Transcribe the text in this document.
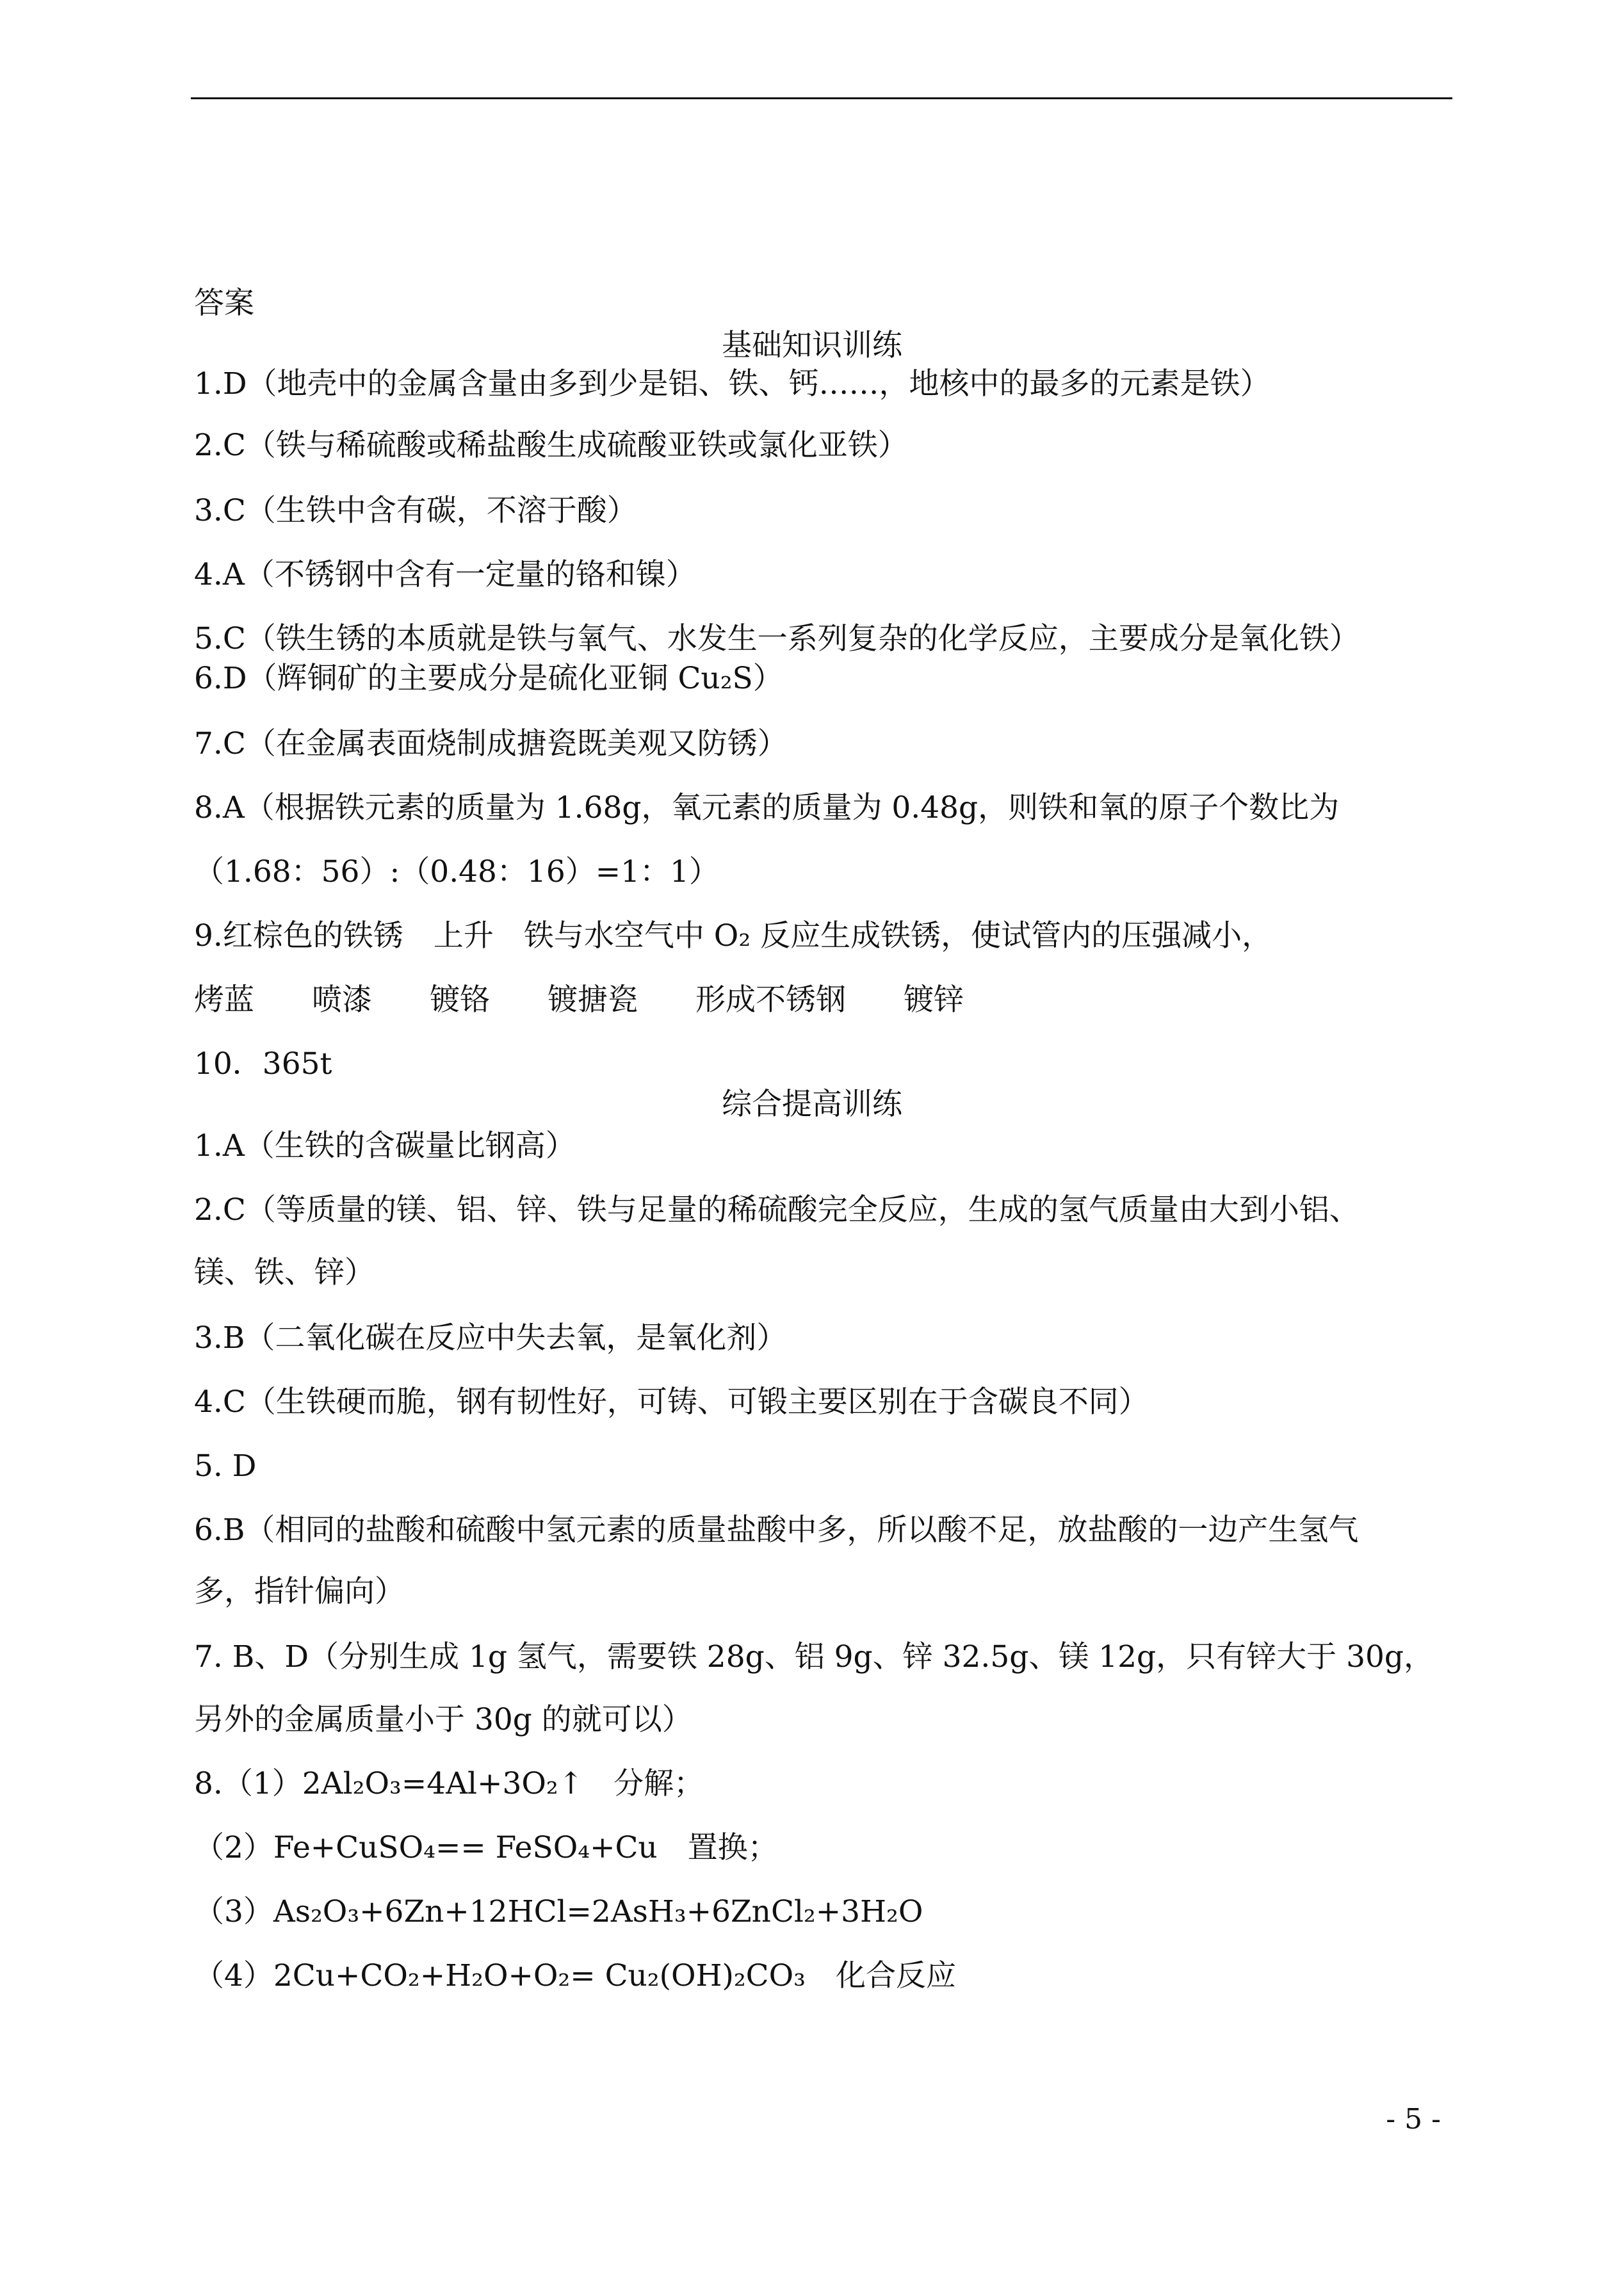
答案
基础知识训练
1.D（地壳中的金属含量由多到少是铝、铁、钙……，地核中的最多的元素是铁）
2.C（铁与稀硫酸或稀盐酸生成硫酸亚铁或氯化亚铁）
3.C（生铁中含有碳，不溶于酸）
4.A（不锈钢中含有一定量的铬和镍）
5.C（铁生锈的本质就是铁与氧气、水发生一系列复杂的化学反应，主要成分是氧化铁）
6.D（辉铜矿的主要成分是硫化亚铜 Cu₂S）
7.C（在金属表面烧制成搪瓷既美观又防锈）
8.A（根据铁元素的质量为 1.68g，氧元素的质量为 0.48g，则铁和氧的原子个数比为
（1.68：56）:（0.48：16）=1：1）
9.红棕色的铁锈　上升　铁与水空气中 O₂ 反应生成铁锈，使试管内的压强减小，
烤蓝 喷漆 镀铬 镀搪瓷 形成不锈钢 镀锌
10．365t
综合提高训练
1.A（生铁的含碳量比钢高）
2.C（等质量的镁、铝、锌、铁与足量的稀硫酸完全反应，生成的氢气质量由大到小铝、
镁、铁、锌）
3.B（二氧化碳在反应中失去氧，是氧化剂）
4.C（生铁硬而脆，钢有韧性好，可铸、可锻主要区别在于含碳良不同）
5. D
6.B（相同的盐酸和硫酸中氢元素的质量盐酸中多，所以酸不足，放盐酸的一边产生氢气
多，指针偏向）
7. B、D（分别生成 1g 氢气，需要铁 28g、铝 9g、锌 32.5g、镁 12g，只有锌大于 30g，
另外的金属质量小于 30g 的就可以）
8.（1）2Al₂O₃=4Al+3O₂↑　分解；
（2）Fe+CuSO₄== FeSO₄+Cu　置换；
（3）As₂O₃+6Zn+12HCl=2AsH₃+6ZnCl₂+3H₂O
（4）2Cu+CO₂+H₂O+O₂= Cu₂(OH)₂CO₃　化合反应
- 5 -
